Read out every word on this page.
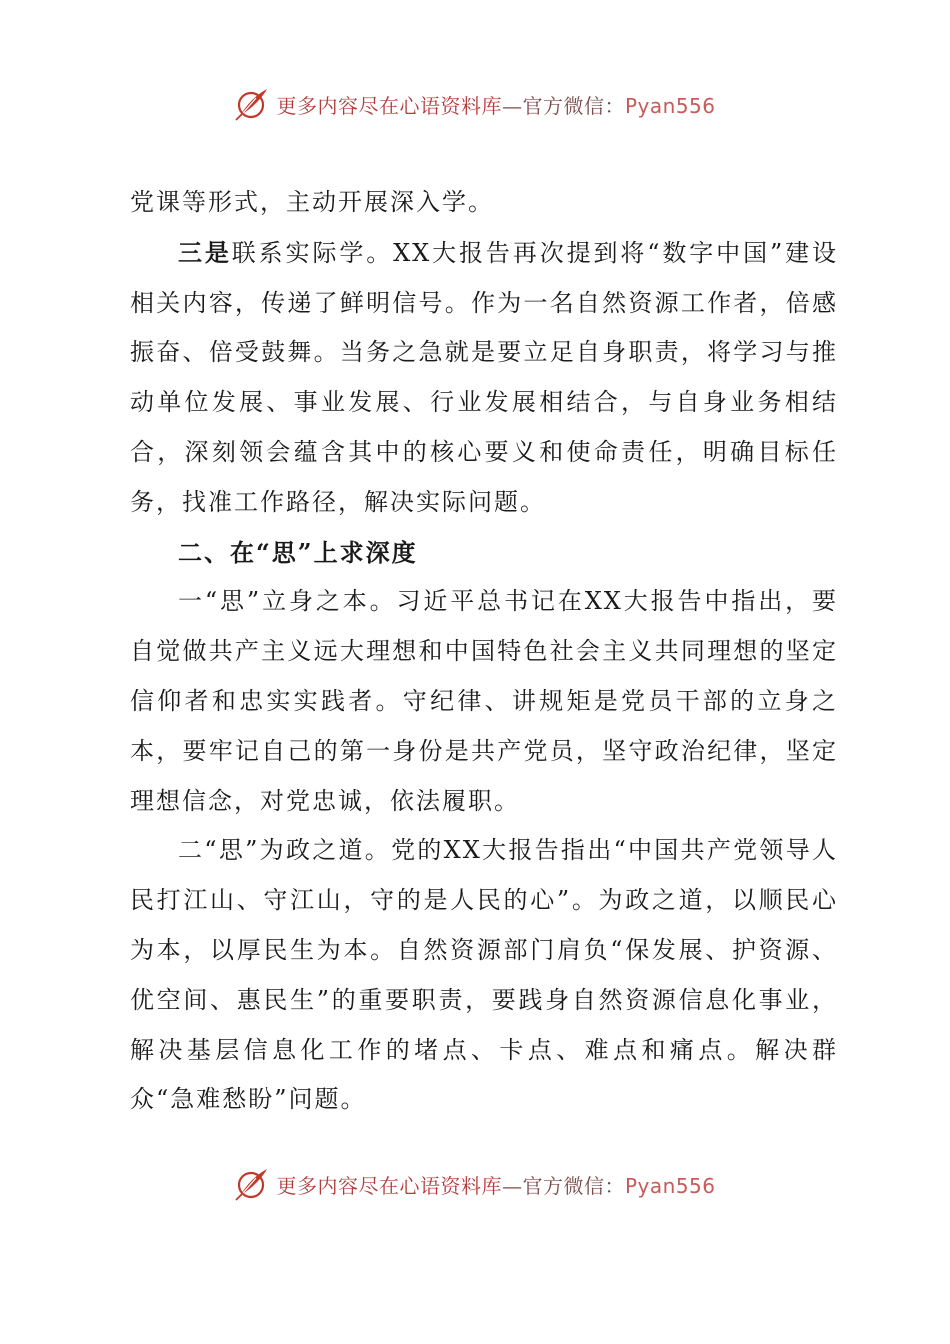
更多内容尽在心语资料库—官方微信：Pyan556

党课等形式，主动开展深入学。

三是联系实际学。XX大报告再次提到将“数字中国”建设相关内容，传递了鲜明信号。作为一名自然资源工作者，倍感振奋、倍受鼓舞。当务之急就是要立足自身职责，将学习与推动单位发展、事业发展、行业发展相结合，与自身业务相结合，深刻领会蕴含其中的核心要义和使命责任，明确目标任务，找准工作路径，解决实际问题。

二、在“思”上求深度

一“思”立身之本。习近平总书记在XX大报告中指出，要自觉做共产主义远大理想和中国特色社会主义共同理想的坚定信仰者和忠实实践者。守纪律、讲规矩是党员干部的立身之本，要牢记自己的第一身份是共产党员，坚守政治纪律，坚定理想信念，对党忠诚，依法履职。

二“思”为政之道。党的XX大报告指出“中国共产党领导人民打江山、守江山，守的是人民的心”。为政之道，以顺民心为本，以厚民生为本。自然资源部门肩负“保发展、护资源、优空间、惠民生”的重要职责，要践身自然资源信息化事业，解决基层信息化工作的堵点、卡点、难点和痛点。解决群众“急难愁盼”问题。

更多内容尽在心语资料库—官方微信：Pyan556
